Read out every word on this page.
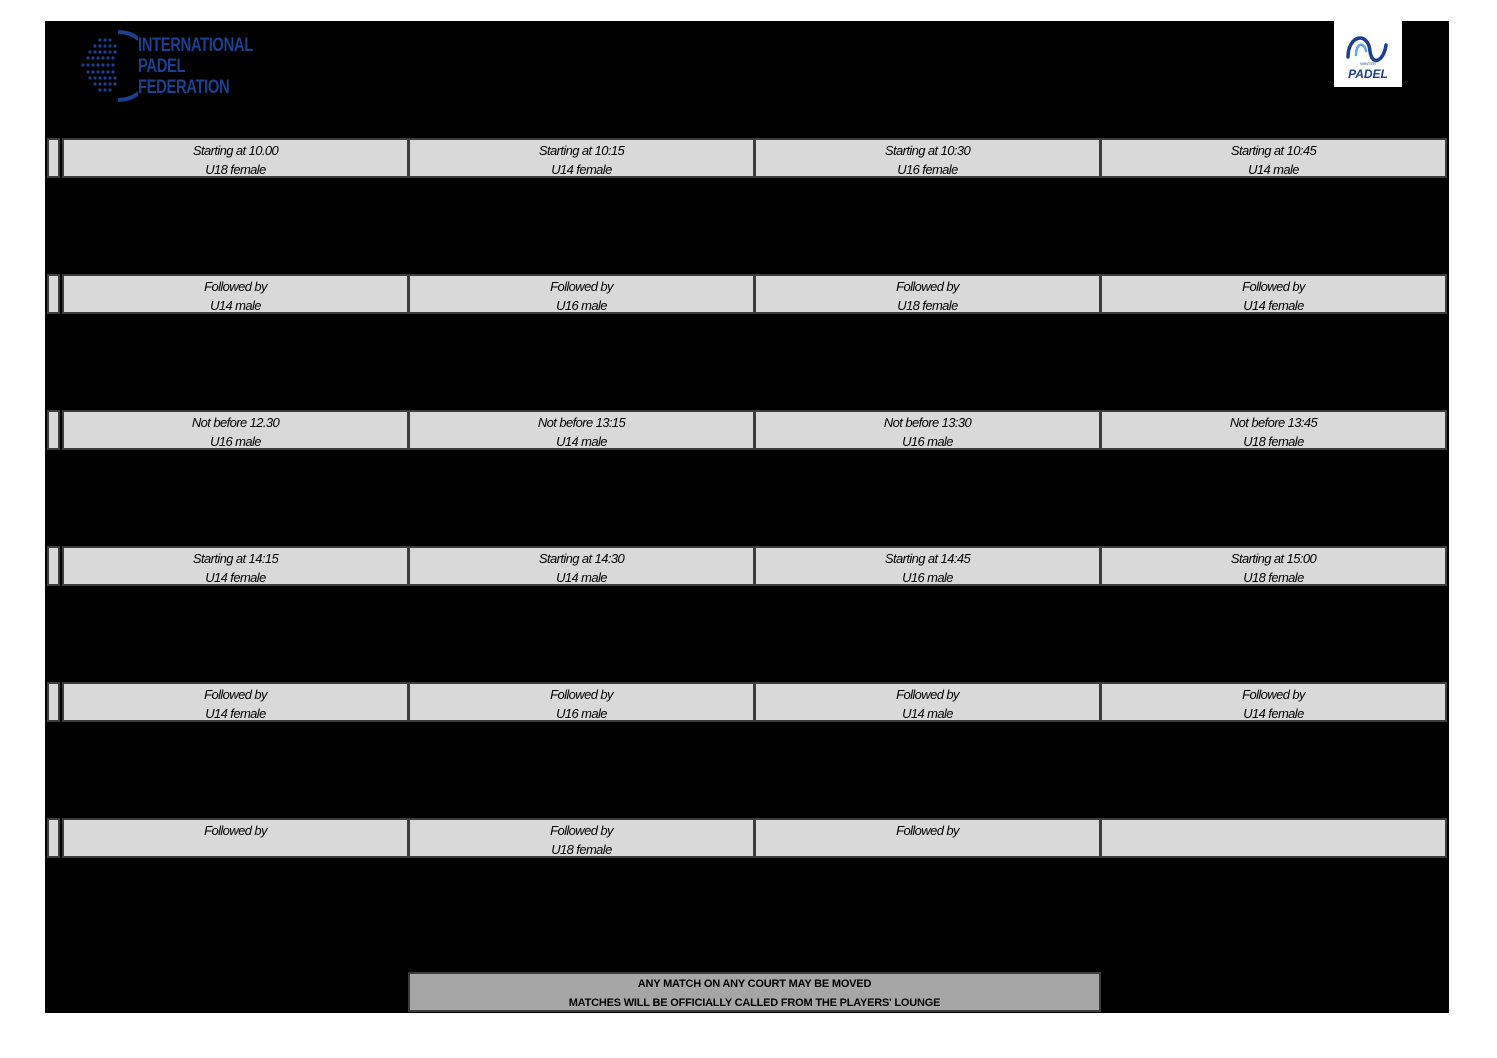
INTERNATIONAL
PADEL
FEDERATION
WINTER
PADEL
Starting at 10.00
U18 female
Starting at 10:15
U14 female
Starting at 10:30
U16 female
Starting at 10:45
U14 male
Followed by
U14 male
Followed by
U16 male
Followed by
U18 female
Followed by
U14 female
Not before 12.30
U16 male
Not before 13:15
U14 male
Not before 13:30
U16 male
Not before 13:45
U18 female
Starting at 14:15
U14 female
Starting at 14:30
U14 male
Starting at 14:45
U16 male
Starting at 15:00
U18 female
Followed by
U14 female
Followed by
U16 male
Followed by
U14 male
Followed by
U14 female
Followed by	Followed by
U18 female
Followed by
ANY MATCH ON ANY COURT MAY BE MOVED
MATCHES WILL BE OFFICIALLY CALLED FROM THE PLAYERS' LOUNGE
